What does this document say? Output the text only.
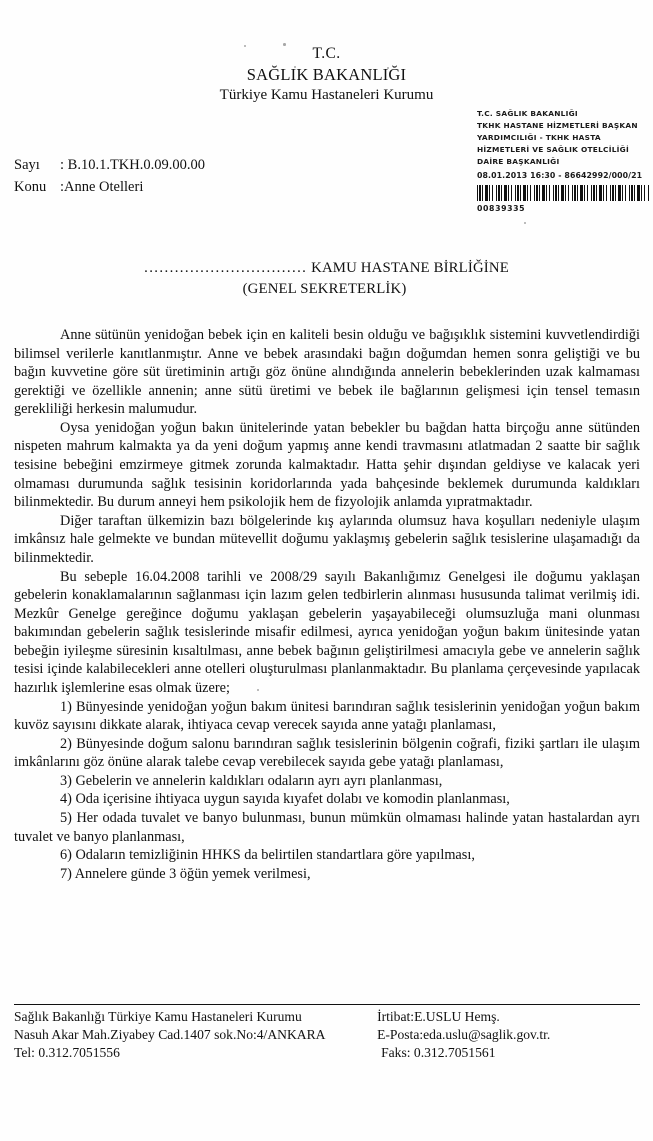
T.C.
SAĞLIK BAKANLIĞI
Türkiye Kamu Hastaneleri Kurumu
T.C. SAĞLIK BAKANLIĞI
TKHK HASTANE HİZMETLERİ BAŞKAN
YARDIMCILIĞI - TKHK HASTA
HİZMETLERİ VE SAĞLIK OTELCİLİĞİ
DAİRE BAŞKANLIĞI
08.01.2013 16:30 - 86642992/000/21
00839335
Sayı : B.10.1.TKH.0.09.00.00
Konu :Anne Otelleri
................................ KAMU HASTANE BİRLİĞİNE
(GENEL SEKRETERLİK)

Anne sütünün yenidoğan bebek için en kaliteli besin olduğu ve bağışıklık sistemini kuvvetlendirdiği bilimsel verilerle kanıtlanmıştır. Anne ve bebek arasındaki bağın doğumdan hemen sonra geliştiği ve bu bağın kuvvetine göre süt üretiminin artığı göz önüne alındığında annelerin bebeklerinden uzak kalmaması gerektiği ve özellikle annenin; anne sütü üretimi ve bebek ile bağlarının gelişmesi için tensel temasın gerekliliği herkesin malumudur.

Oysa yenidoğan yoğun bakın ünitelerinde yatan bebekler bu bağdan hatta birçoğu anne sütünden nispeten mahrum kalmakta ya da yeni doğum yapmış anne kendi travmasını atlatmadan 2 saatte bir sağlık tesisine bebeğini emzirmeye gitmek zorunda kalmaktadır. Hatta şehir dışından geldiyse ve kalacak yeri olmaması durumunda sağlık tesisinin koridorlarında yada bahçesinde beklemek durumunda kaldıkları bilinmektedir. Bu durum anneyi hem psikolojik hem de fizyolojik anlamda yıpratmaktadır.

Diğer taraftan ülkemizin bazı bölgelerinde kış aylarında olumsuz hava koşulları nedeniyle ulaşım imkânsız hale gelmekte ve bundan mütevellit doğumu yaklaşmış gebelerin sağlık tesislerine ulaşamadığı da bilinmektedir.

Bu sebeple 16.04.2008 tarihli ve 2008/29 sayılı Bakanlığımız Genelgesi ile doğumu yaklaşan gebelerin konaklamalarının sağlanması için lazım gelen tedbirlerin alınması hususunda talimat verilmiş idi. Mezkûr Genelge gereğince doğumu yaklaşan gebelerin yaşayabileceği olumsuzluğa mani olunması bakımından gebelerin sağlık tesislerinde misafir edilmesi, ayrıca yenidoğan yoğun bakım ünitesinde yatan bebeğin iyileşme süresinin kısaltılması, anne bebek bağının geliştirilmesi amacıyla gebe ve annelerin sağlık tesisi içinde kalabilecekleri anne otelleri oluşturulması planlanmaktadır. Bu planlama çerçevesinde yapılacak hazırlık işlemlerine esas olmak üzere;

1) Bünyesinde yenidoğan yoğun bakım ünitesi barındıran sağlık tesislerinin yenidoğan yoğun bakım kuvöz sayısını dikkate alarak, ihtiyaca cevap verecek sayıda anne yatağı planlaması,

2) Bünyesinde doğum salonu barındıran sağlık tesislerinin bölgenin coğrafi, fiziki şartları ile ulaşım imkânlarını göz önüne alarak talebe cevap verebilecek sayıda gebe yatağı planlaması,

3) Gebelerin ve annelerin kaldıkları odaların ayrı ayrı planlanması,

4) Oda içerisine ihtiyaca uygun sayıda kıyafet dolabı ve komodin planlanması,

5) Her odada tuvalet ve banyo bulunması, bunun mümkün olmaması halinde yatan hastalardan ayrı tuvalet ve banyo planlanması,

6) Odaların temizliğinin HHKS da belirtilen standartlara göre yapılması,

7) Annelere günde 3 öğün yemek verilmesi,

Sağlık Bakanlığı Türkiye Kamu Hastaneleri Kurumu
Nasuh Akar Mah.Ziyabey Cad.1407 sok.No:4/ANKARA
Tel: 0.312.7051556
İrtibat:E.USLU Hemş.
E-Posta:eda.uslu@saglik.gov.tr.
Faks: 0.312.7051561
